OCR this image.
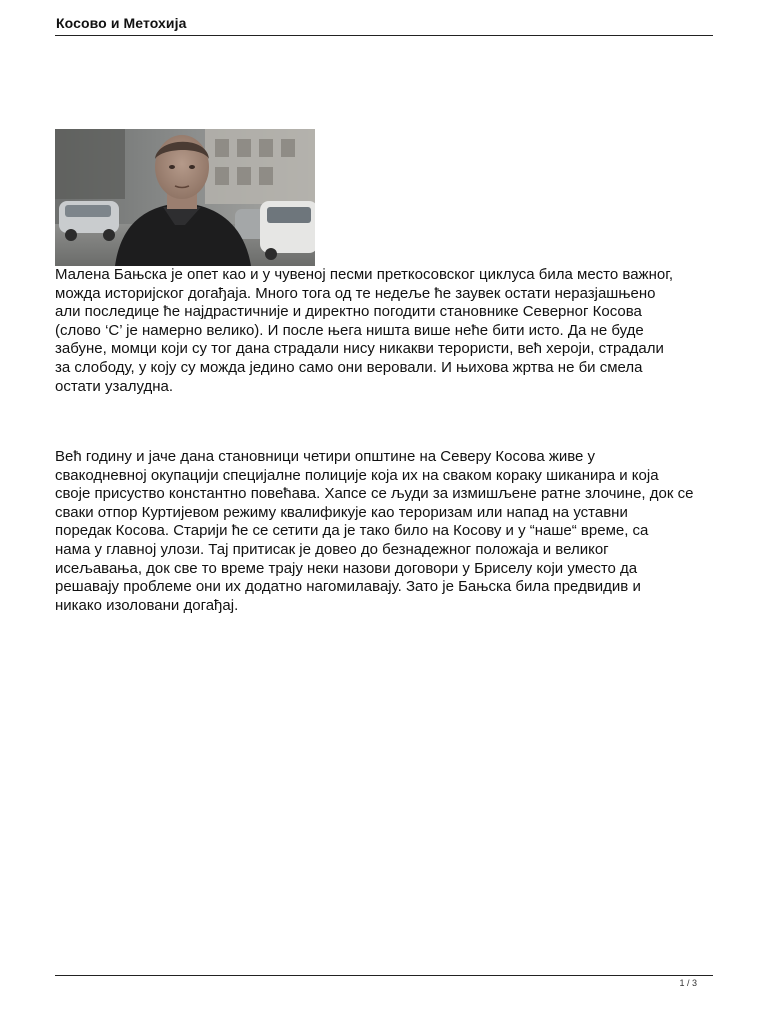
Косово и Метохија

Малена Бањска је опет као и у чувеној песми преткосовског циклуса била место важног,
можда историјског догађаја. Много тога од те недеље ће заувек остати неразјашњено
али последице ће најдрастичније и директно погодити становнике Северног Косова
(слово ‘С’ је намерно велико). И после њега ништа више неће бити исто. Да не буде
забуне, момци који су тог дана страдали нису никакви терористи, већ хероји, страдали
за слободу, у коју су можда једино само они веровали. И њихова жртва не би смела
остати узалудна.

Већ годину и јаче дана становници четири општине на Северу Косова живе у
свакодневној окупацији специјалне полиције која их на сваком кораку шиканира и која
своје присуство константно повећава. Хапсе се људи за измишљене ратне злочине, док се
сваки отпор Куртијевом режиму квалификује као тероризам или напад на уставни
поредак Косова. Старији ће се сетити да је тако било на Косову и у “наше“ време, са
нама у главној улози. Тај притисак је довео до безнадежног положаја и великог
исељавања, док све то време трају неки назови договори у Бриселу који уместо да
решавају проблеме они их додатно нагомилавају. Зато је Бањска била предвидив и
никако изоловани догађај.

1 / 3
